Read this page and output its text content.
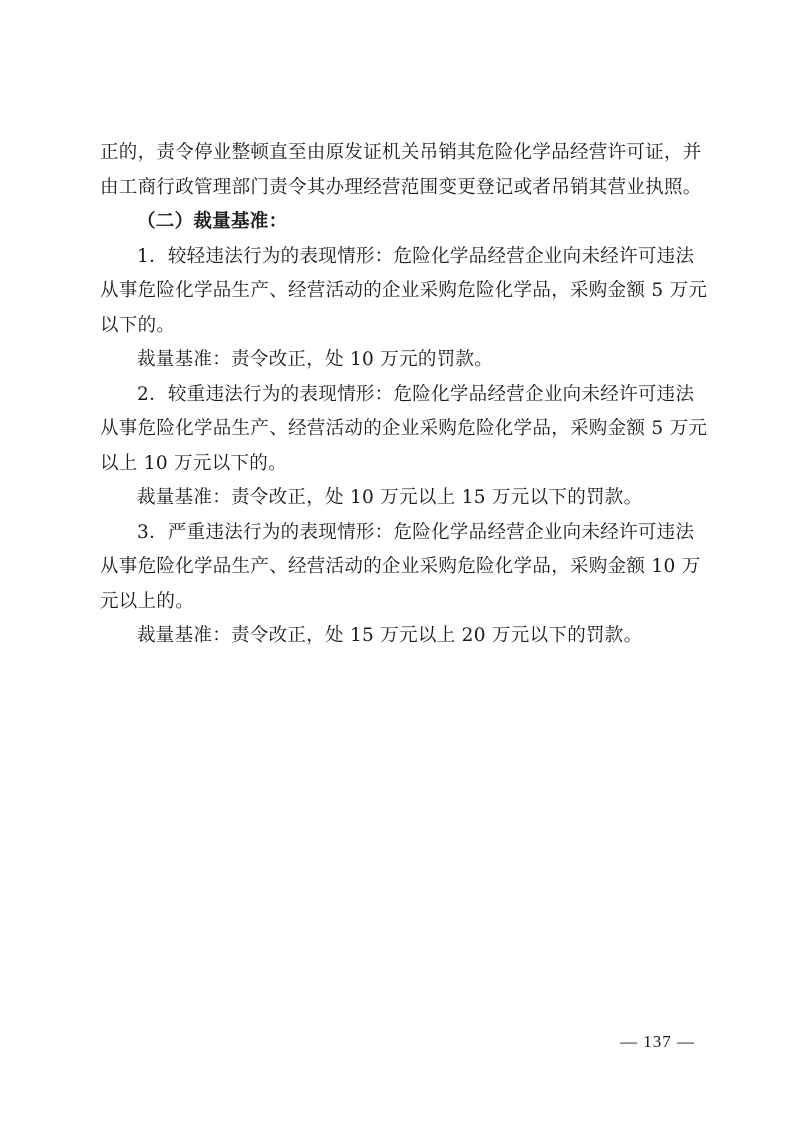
正的，责令停业整顿直至由原发证机关吊销其危险化学品经营许可证，并
由工商行政管理部门责令其办理经营范围变更登记或者吊销其营业执照。
（二）裁量基准：
1．较轻违法行为的表现情形：危险化学品经营企业向未经许可违法
从事危险化学品生产、经营活动的企业采购危险化学品，采购金额 5 万元
以下的。
裁量基准：责令改正，处 10 万元的罚款。
2．较重违法行为的表现情形：危险化学品经营企业向未经许可违法
从事危险化学品生产、经营活动的企业采购危险化学品，采购金额 5 万元
以上 10 万元以下的。
裁量基准：责令改正，处 10 万元以上 15 万元以下的罚款。
3．严重违法行为的表现情形：危险化学品经营企业向未经许可违法
从事危险化学品生产、经营活动的企业采购危险化学品，采购金额 10 万
元以上的。
裁量基准：责令改正，处 15 万元以上 20 万元以下的罚款。
— 137 —
